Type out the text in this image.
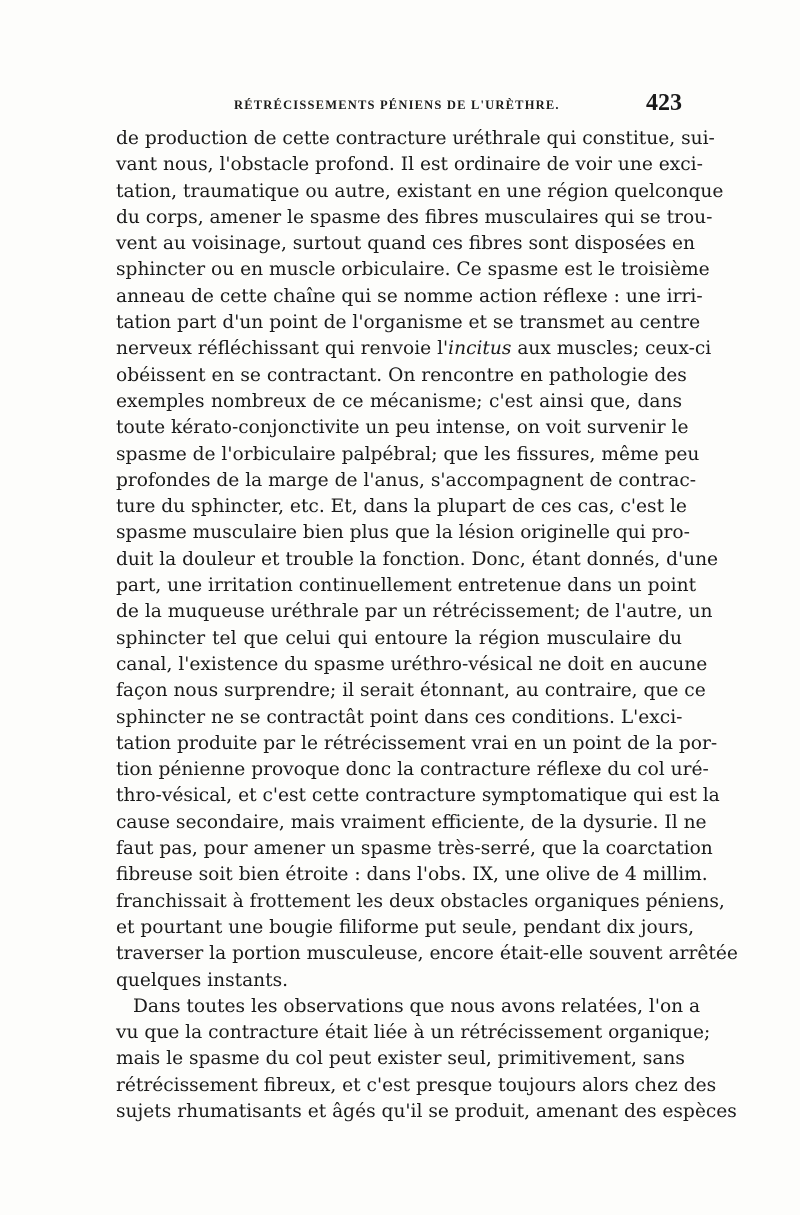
RÉTRÉCISSEMENTS PÉNIENS DE L'URÈTHRE.	423
de production de cette contracture uréthrale qui constitue, sui-
vant nous, l'obstacle profond. Il est ordinaire de voir une exci-
tation, traumatique ou autre, existant en une région quelconque
du corps, amener le spasme des fibres musculaires qui se trou-
vent au voisinage, surtout quand ces fibres sont disposées en
sphincter ou en muscle orbiculaire. Ce spasme est le troisième
anneau de cette chaîne qui se nomme action réflexe : une irri-
tation part d'un point de l'organisme et se transmet au centre
nerveux réfléchissant qui renvoie l'incitus aux muscles; ceux-ci
obéissent en se contractant. On rencontre en pathologie des
exemples nombreux de ce mécanisme; c'est ainsi que, dans
toute kérato-conjonctivite un peu intense, on voit survenir le
spasme de l'orbiculaire palpébral; que les fissures, même peu
profondes de la marge de l'anus, s'accompagnent de contrac-
ture du sphincter, etc. Et, dans la plupart de ces cas, c'est le
spasme musculaire bien plus que la lésion originelle qui pro-
duit la douleur et trouble la fonction. Donc, étant donnés, d'une
part, une irritation continuellement entretenue dans un point
de la muqueuse uréthrale par un rétrécissement; de l'autre, un
sphincter tel que celui qui entoure la région musculaire du
canal, l'existence du spasme uréthro-vésical ne doit en aucune
façon nous surprendre; il serait étonnant, au contraire, que ce
sphincter ne se contractât point dans ces conditions. L'exci-
tation produite par le rétrécissement vrai en un point de la por-
tion pénienne provoque donc la contracture réflexe du col uré-
thro-vésical, et c'est cette contracture symptomatique qui est la
cause secondaire, mais vraiment efficiente, de la dysurie. Il ne
faut pas, pour amener un spasme très-serré, que la coarctation
fibreuse soit bien étroite : dans l'obs. IX, une olive de 4 millim.
franchissait à frottement les deux obstacles organiques péniens,
et pourtant une bougie filiforme put seule, pendant dix jours,
traverser la portion musculeuse, encore était-elle souvent arrêtée
quelques instants.
Dans toutes les observations que nous avons relatées, l'on a
vu que la contracture était liée à un rétrécissement organique;
mais le spasme du col peut exister seul, primitivement, sans
rétrécissement fibreux, et c'est presque toujours alors chez des
sujets rhumatisants et âgés qu'il se produit, amenant des espèces
